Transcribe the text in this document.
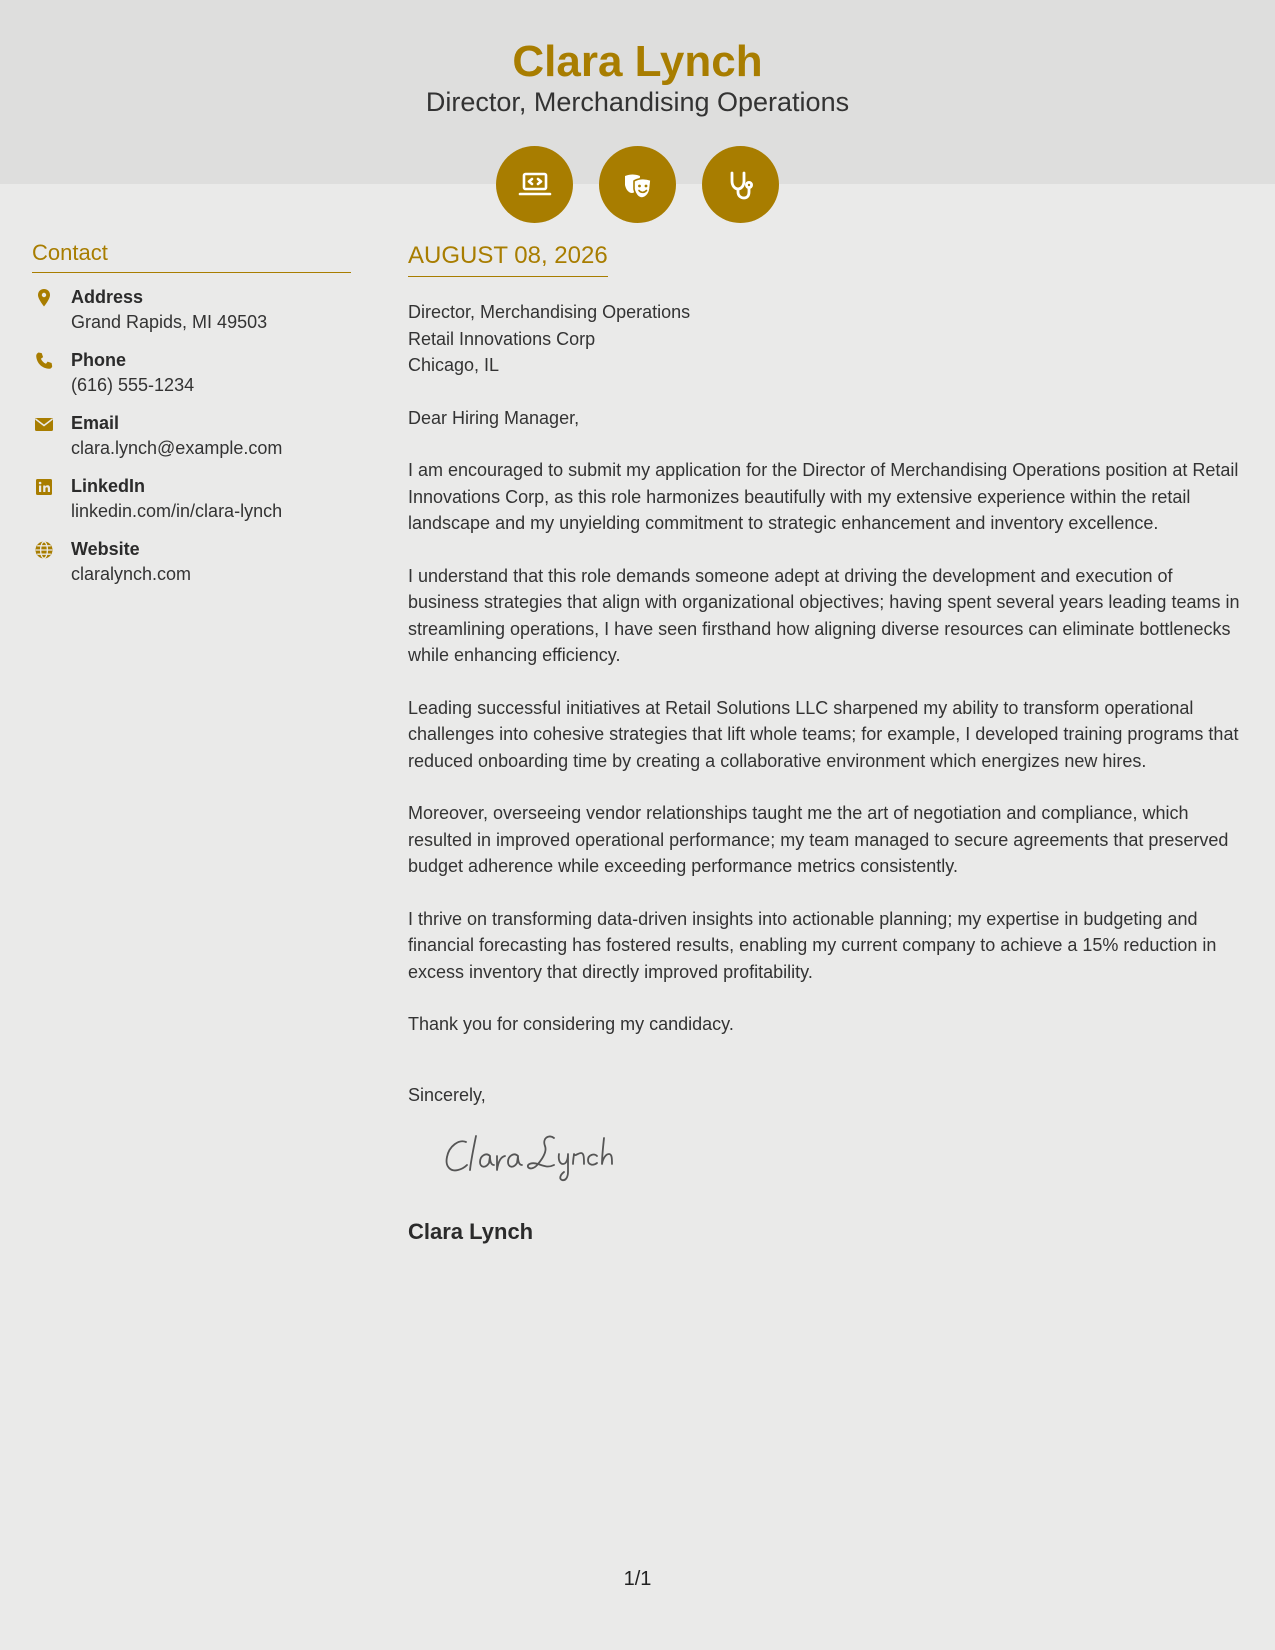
Clara Lynch
Director, Merchandising Operations
Contact
Address
Grand Rapids, MI 49503
Phone
(616) 555-1234
Email
clara.lynch@example.com
LinkedIn
linkedin.com/in/clara-lynch
Website
claralynch.com
AUGUST 08, 2026
Director, Merchandising Operations
Retail Innovations Corp
Chicago, IL
Dear Hiring Manager,
I am encouraged to submit my application for the Director of Merchandising Operations position at Retail Innovations Corp, as this role harmonizes beautifully with my extensive experience within the retail landscape and my unyielding commitment to strategic enhancement and inventory excellence.
I understand that this role demands someone adept at driving the development and execution of business strategies that align with organizational objectives; having spent several years leading teams in streamlining operations, I have seen firsthand how aligning diverse resources can eliminate bottlenecks while enhancing efficiency.
Leading successful initiatives at Retail Solutions LLC sharpened my ability to transform operational challenges into cohesive strategies that lift whole teams; for example, I developed training programs that reduced onboarding time by creating a collaborative environment which energizes new hires.
Moreover, overseeing vendor relationships taught me the art of negotiation and compliance, which resulted in improved operational performance; my team managed to secure agreements that preserved budget adherence while exceeding performance metrics consistently.
I thrive on transforming data-driven insights into actionable planning; my expertise in budgeting and financial forecasting has fostered results, enabling my current company to achieve a 15% reduction in excess inventory that directly improved profitability.
Thank you for considering my candidacy.
Sincerely,
Clara Lynch
1/1
